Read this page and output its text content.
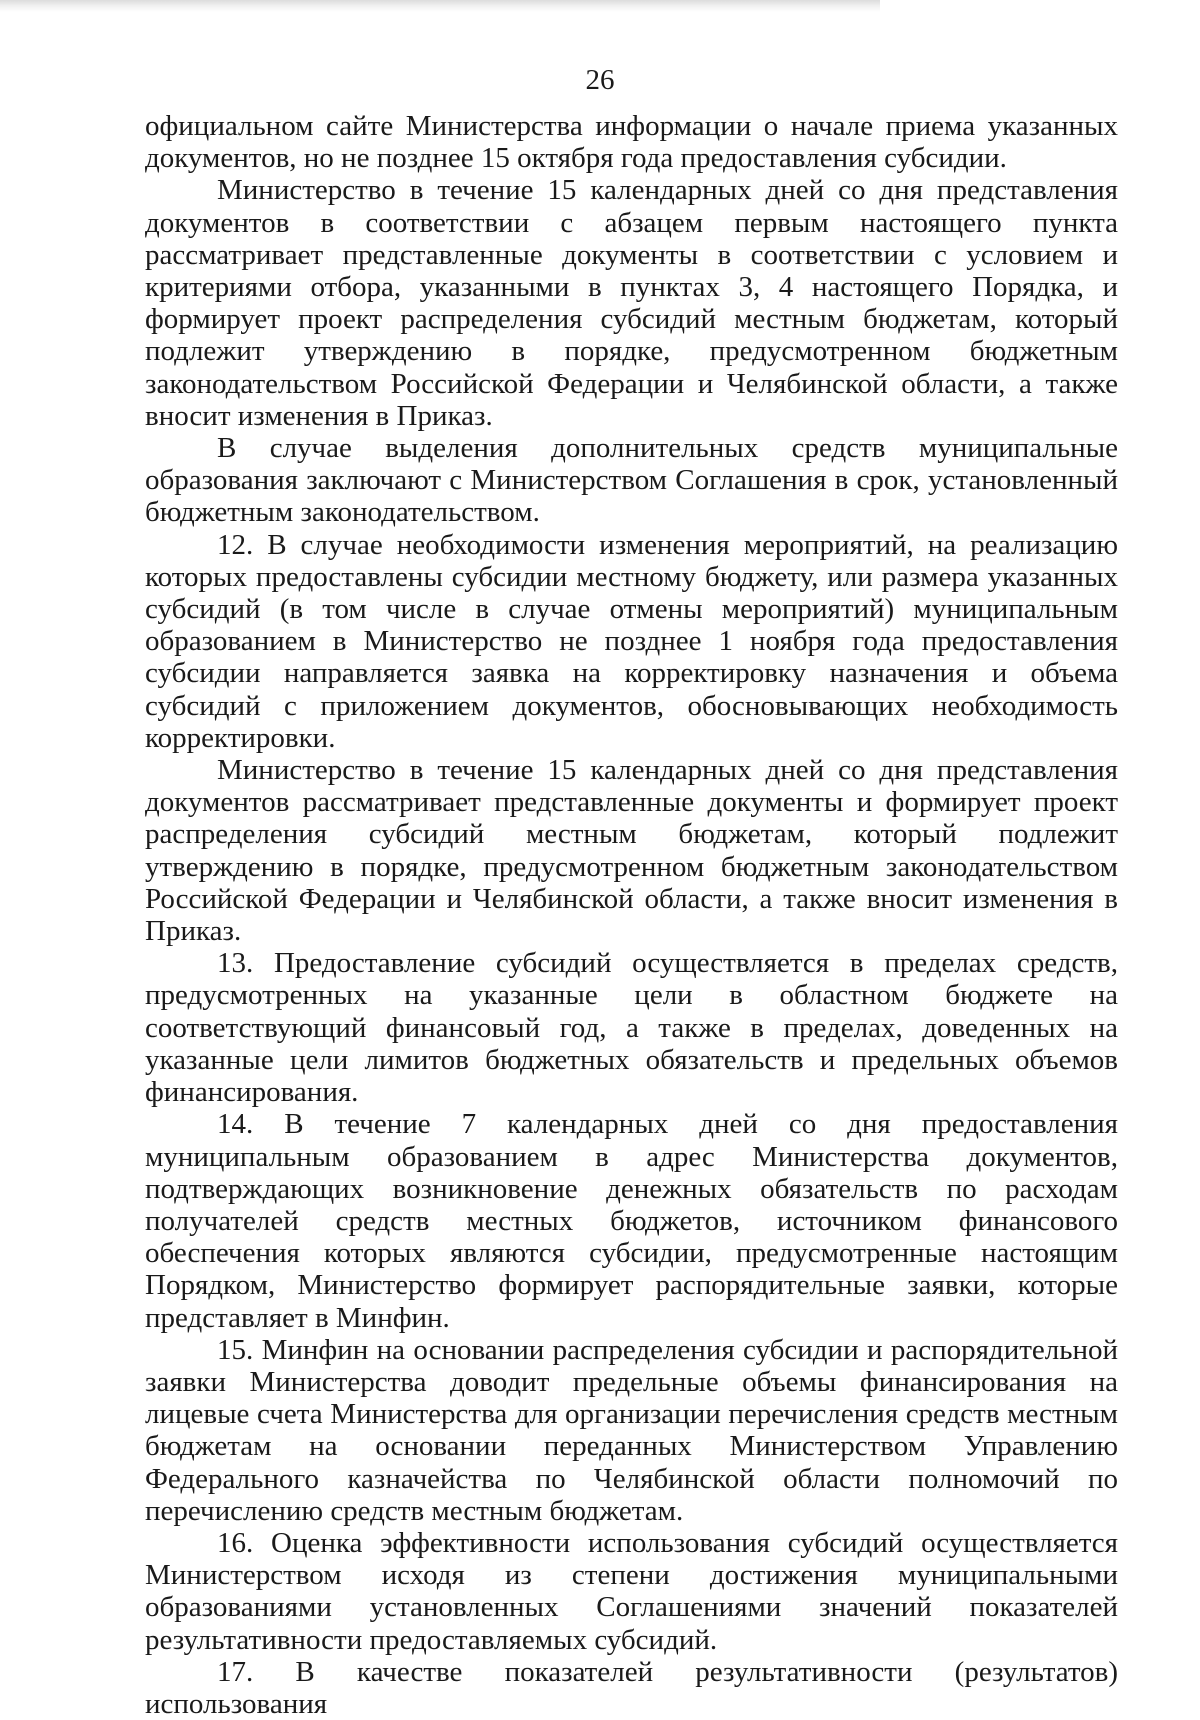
26

официальном сайте Министерства информации о начале приема указанных документов, но не позднее 15 октября года предоставления субсидии.

Министерство в течение 15 календарных дней со дня представления документов в соответствии с абзацем первым настоящего пункта рассматривает представленные документы в соответствии с условием и критериями отбора, указанными в пунктах 3, 4 настоящего Порядка, и формирует проект распределения субсидий местным бюджетам, который подлежит утверждению в порядке, предусмотренном бюджетным законодательством Российской Федерации и Челябинской области, а также вносит изменения в Приказ.

В случае выделения дополнительных средств муниципальные образования заключают с Министерством Соглашения в срок, установленный бюджетным законодательством.

12. В случае необходимости изменения мероприятий, на реализацию которых предоставлены субсидии местному бюджету, или размера указанных субсидий (в том числе в случае отмены мероприятий) муниципальным образованием в Министерство не позднее 1 ноября года предоставления субсидии направляется заявка на корректировку назначения и объема субсидий с приложением документов, обосновывающих необходимость корректировки.

Министерство в течение 15 календарных дней со дня представления документов рассматривает представленные документы и формирует проект распределения субсидий местным бюджетам, который подлежит утверждению в порядке, предусмотренном бюджетным законодательством Российской Федерации и Челябинской области, а также вносит изменения в Приказ.

13. Предоставление субсидий осуществляется в пределах средств, предусмотренных на указанные цели в областном бюджете на соответствующий финансовый год, а также в пределах, доведенных на указанные цели лимитов бюджетных обязательств и предельных объемов финансирования.

14. В течение 7 календарных дней со дня предоставления муниципальным образованием в адрес Министерства документов, подтверждающих возникновение денежных обязательств по расходам получателей средств местных бюджетов, источником финансового обеспечения которых являются субсидии, предусмотренные настоящим Порядком, Министерство формирует распорядительные заявки, которые представляет в Минфин.

15. Минфин на основании распределения субсидии и распорядительной заявки Министерства доводит предельные объемы финансирования на лицевые счета Министерства для организации перечисления средств местным бюджетам на основании переданных Министерством Управлению Федерального казначейства по Челябинской области полномочий по перечислению средств местным бюджетам.

16. Оценка эффективности использования субсидий осуществляется Министерством исходя из степени достижения муниципальными образованиями установленных Соглашениями значений показателей результативности предоставляемых субсидий.

17. В качестве показателей результативности (результатов) использования
